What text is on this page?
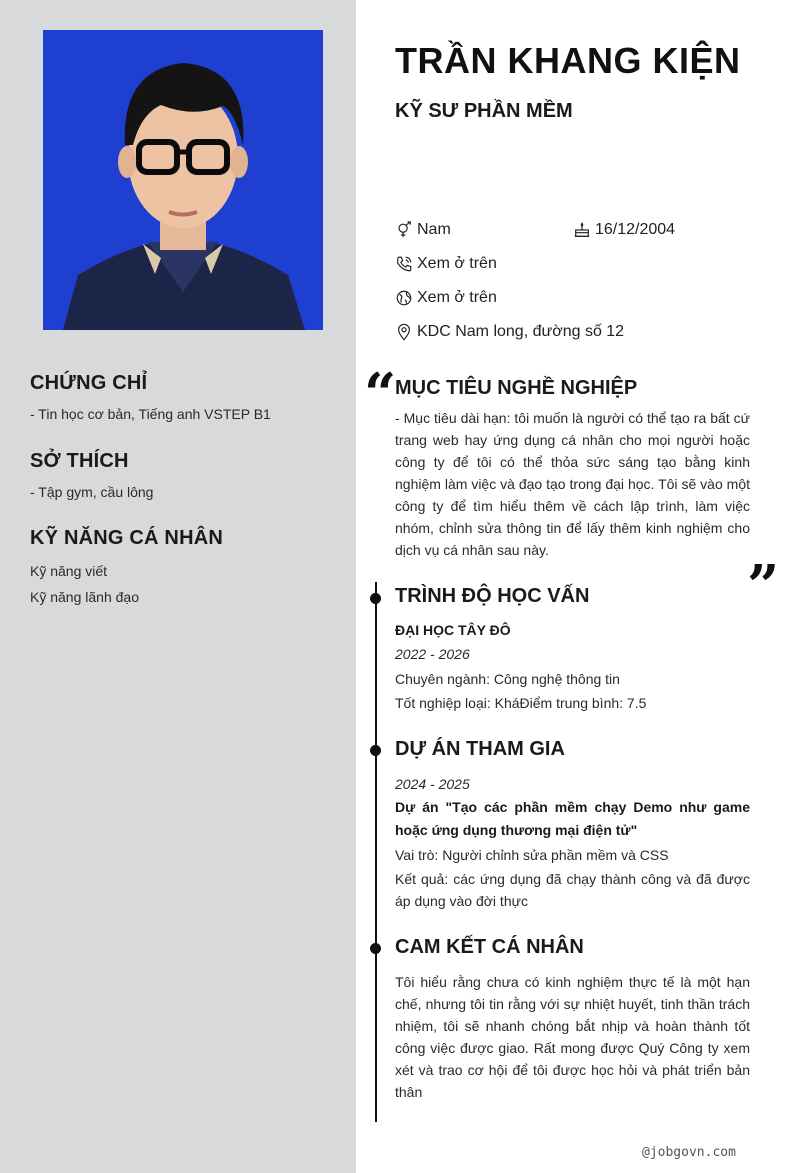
CHỨNG CHỈ
- Tin học cơ bản, Tiếng anh VSTEP B1
SỞ THÍCH
- Tập gym, cầu lông
KỸ NĂNG CÁ NHÂN
Kỹ năng viết
Kỹ năng lãnh đạo
TRẦN KHANG KIỆN
KỸ SƯ PHẦN MỀM
Nam	16/12/2004
Xem ở trên
Xem ở trên
KDC Nam long, đường số 12
“
MỤC TIÊU NGHỀ NGHIỆP
- Mục tiêu dài hạn: tôi muốn là người có thể tạo ra bất cứ trang web hay ứng dụng cá nhân cho mọi người hoặc công ty để tôi có thể thỏa sức sáng tạo bằng kinh nghiệm làm việc và đạo tạo trong đại học. Tôi sẽ vào một công ty để tìm hiểu thêm về cách lập trình, làm việc nhóm, chỉnh sửa thông tin để lấy thêm kinh nghiệm cho dịch vụ cá nhân sau này.
”
TRÌNH ĐỘ HỌC VẤN
ĐẠI HỌC TÂY ĐÔ
2022 - 2026
Chuyên ngành: Công nghệ thông tin
Tốt nghiệp loại: KháĐiểm trung bình: 7.5
DỰ ÁN THAM GIA
2024 - 2025
Dự án "Tạo các phần mềm chạy Demo như game hoặc ứng dụng thương mại điện tử"
Vai trò: Người chỉnh sửa phần mềm và CSS
Kết quả: các ứng dụng đã chạy thành công và đã được áp dụng vào đời thực
CAM KẾT CÁ NHÂN
Tôi hiểu rằng chưa có kinh nghiệm thực tế là một hạn chế, nhưng tôi tin rằng với sự nhiệt huyết, tinh thần trách nhiệm, tôi sẽ nhanh chóng bắt nhịp và hoàn thành tốt công việc được giao. Rất mong được Quý Công ty xem xét và trao cơ hội để tôi được học hỏi và phát triển bản thân
@jobgovn.com
